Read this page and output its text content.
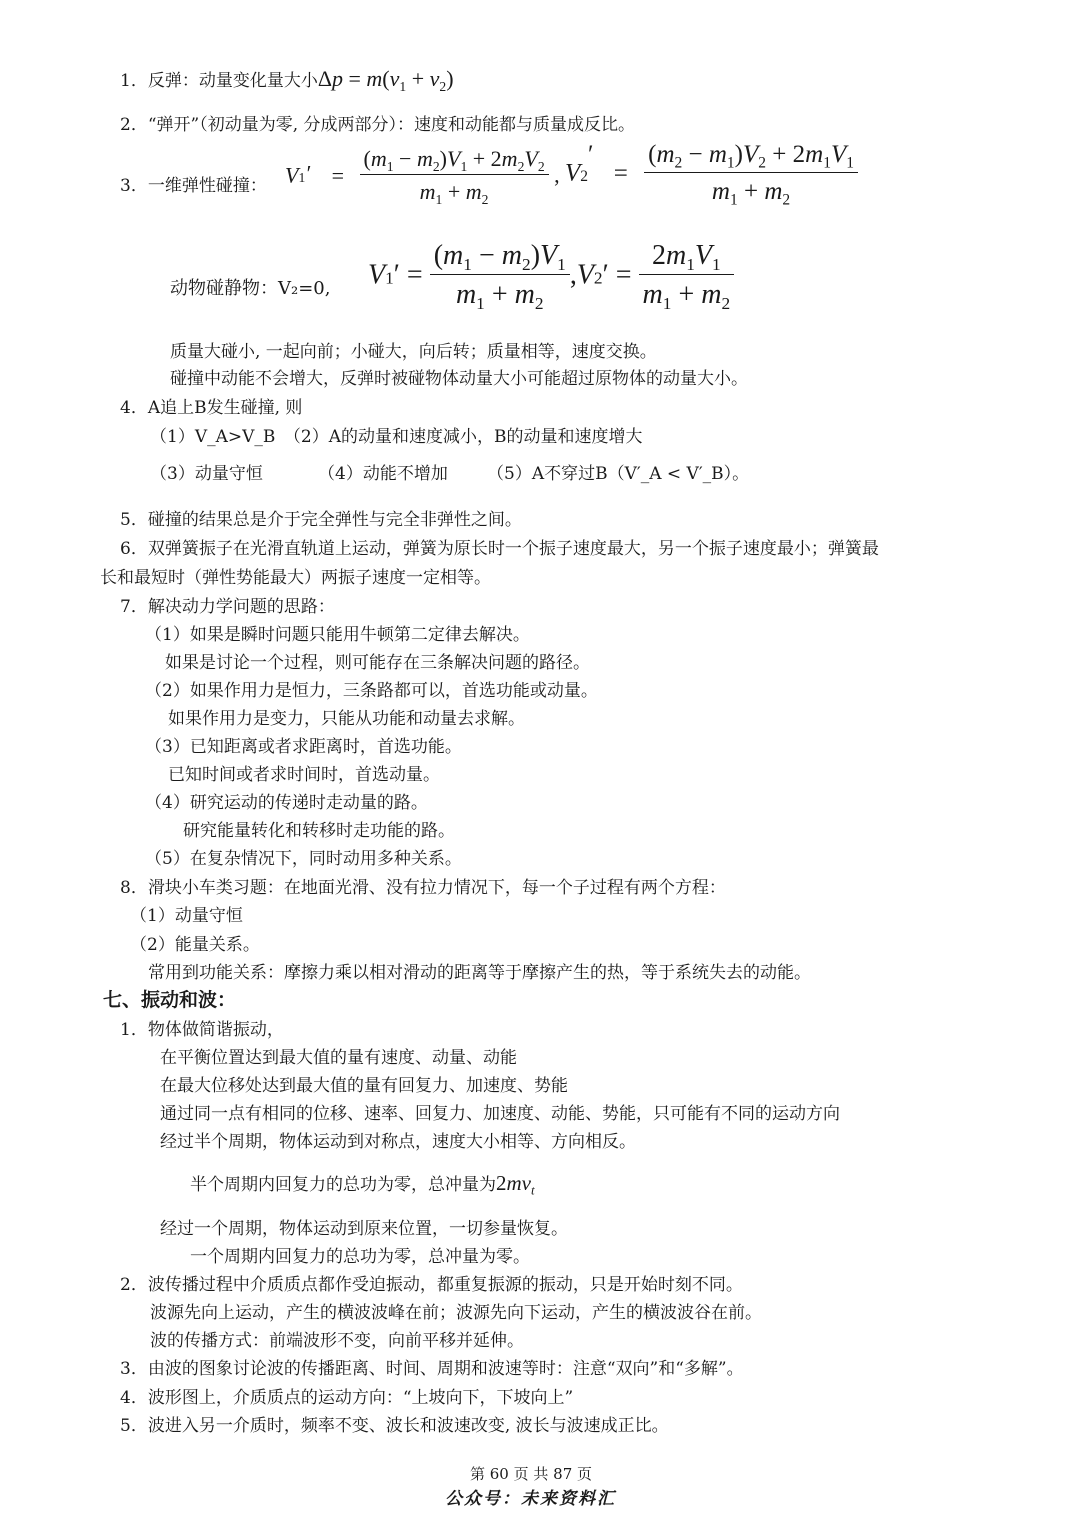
1．反弹：动量变化量大小$\Delta p = m(v_1 + v_2)$
2．“弹开”（初动量为零, 分成两部分）：速度和动能都与质量成反比。
3．一维弹性碰撞： $V_1' = \frac{(m_1 - m_2)V_1 + 2m_2V_2}{m_1 + m_2}$ , $V_2' = \frac{(m_2 - m_1)V_2 + 2m_1V_1}{m_1 + m_2}$
动物碰静物：V₂=0, $V_1' = \frac{(m_1 - m_2)V_1}{m_1 + m_2} ,V_2' = \frac{2m_1V_1}{m_1 + m_2}$
质量大碰小, 一起向前；小碰大，向后转；质量相等，速度交换。
碰撞中动能不会增大，反弹时被碰物体动量大小可能超过原物体的动量大小。
4．A追上B发生碰撞, 则
（1）V_A>V_B　（2）A的动量和速度减小，B的动量和速度增大
（3）动量守恒	（4）动能不增加 （5）A不穿过B（V′_A < V′_B）。
5．碰撞的结果总是介于完全弹性与完全非弹性之间。
6．双弹簧振子在光滑直轨道上运动，弹簧为原长时一个振子速度最大，另一个振子速度最小；弹簧最
长和最短时（弹性势能最大）两振子速度一定相等。
7．解决动力学问题的思路：
（1）如果是瞬时问题只能用牛顿第二定律去解决。
如果是讨论一个过程，则可能存在三条解决问题的路径。
（2）如果作用力是恒力，三条路都可以，首选功能或动量。
如果作用力是变力，只能从功能和动量去求解。
（3）已知距离或者求距离时，首选功能。
已知时间或者求时间时，首选动量。
（4）研究运动的传递时走动量的路。
研究能量转化和转移时走功能的路。
（5）在复杂情况下，同时动用多种关系。
8．滑块小车类习题：在地面光滑、没有拉力情况下，每一个子过程有两个方程：
（1）动量守恒
（2）能量关系。
常用到功能关系：摩擦力乘以相对滑动的距离等于摩擦产生的热，等于系统失去的动能。
七、振动和波：
1．物体做简谐振动，
在平衡位置达到最大值的量有速度、动量、动能
在最大位移处达到最大值的量有回复力、加速度、势能
通过同一点有相同的位移、速率、回复力、加速度、动能、势能，只可能有不同的运动方向
经过半个周期，物体运动到对称点，速度大小相等、方向相反。
半个周期内回复力的总功为零，总冲量为$2mv_t$
经过一个周期，物体运动到原来位置，一切参量恢复。
一个周期内回复力的总功为零，总冲量为零。
2．波传播过程中介质质点都作受迫振动，都重复振源的振动，只是开始时刻不同。
波源先向上运动，产生的横波波峰在前；波源先向下运动，产生的横波波谷在前。
波的传播方式：前端波形不变，向前平移并延伸。
3．由波的图象讨论波的传播距离、时间、周期和波速等时：注意“双向”和“多解”。
4．波形图上，介质质点的运动方向：“上坡向下，下坡向上”
5．波进入另一介质时，频率不变、波长和波速改变, 波长与波速成正比。
第 60 页 共 87 页
公众号：未来资料汇
